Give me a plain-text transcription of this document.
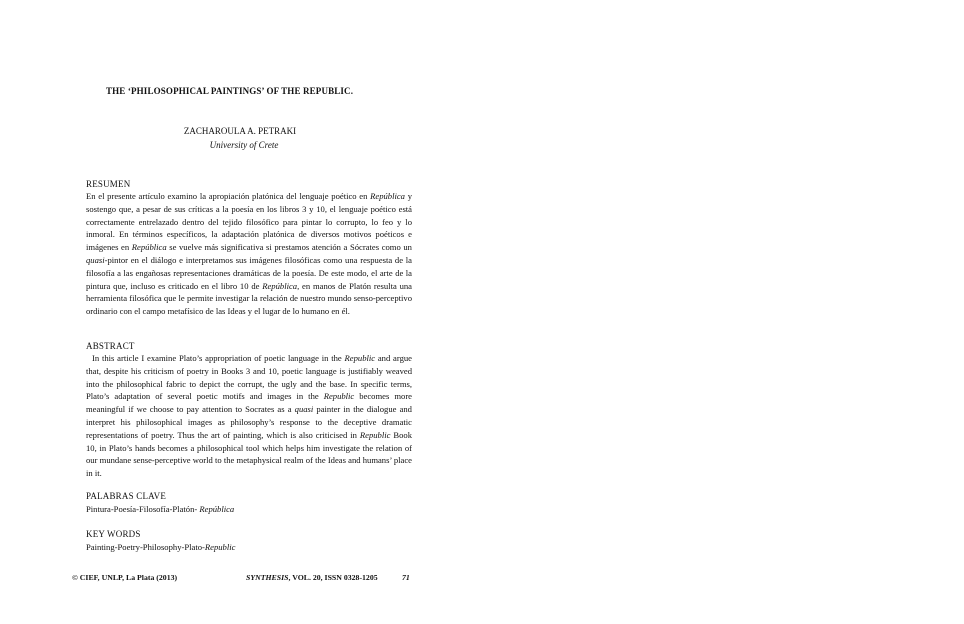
THE ‘PHILOSOPHICAL PAINTINGS’ OF THE REPUBLIC.
ZACHAROULA A. PETRAKI
University of Crete
RESUMEN
En el presente artículo examino la apropiación platónica del lenguaje poético en República y sostengo que, a pesar de sus críticas a la poesía en los libros 3 y 10, el lenguaje poético está correctamente entrelazado dentro del tejido filosófico para pintar lo corrupto, lo feo y lo inmoral. En términos específicos, la adaptación platónica de diversos motivos poéticos e imágenes en República se vuelve más significativa si prestamos atención a Sócrates como un quasi-pintor en el diálogo e interpretamos sus imágenes filosóficas como una respuesta de la filosofía a las engañosas representaciones dramáticas de la poesía. De este modo, el arte de la pintura que, incluso es criticado en el libro 10 de República, en manos de Platón resulta una herramienta filosófica que le permite investigar la relación de nuestro mundo senso-perceptivo ordinario con el campo metafísico de las Ideas y el lugar de lo humano en él.
ABSTRACT
In this article I examine Plato’s appropriation of poetic language in the Republic and argue that, despite his criticism of poetry in Books 3 and 10, poetic language is justifiably weaved into the philosophical fabric to depict the corrupt, the ugly and the base. In specific terms, Plato’s adaptation of several poetic motifs and images in the Republic becomes more meaningful if we choose to pay attention to Socrates as a quasi painter in the dialogue and interpret his philosophical images as philosophy’s response to the deceptive dramatic representations of poetry. Thus the art of painting, which is also criticised in Republic Book 10, in Plato’s hands becomes a philosophical tool which helps him investigate the relation of our mundane sense-perceptive world to the metaphysical realm of the Ideas and humans’ place in it.
PALABRAS CLAVE
Pintura-Poesía-Filosofía-Platón- República
KEY WORDS
Painting-Poetry-Philosophy-Plato-Republic
© CIEF, UNLP, La Plata (2013)	SYNTHESIS, VOL. 20, ISSN 0328-1205	71
